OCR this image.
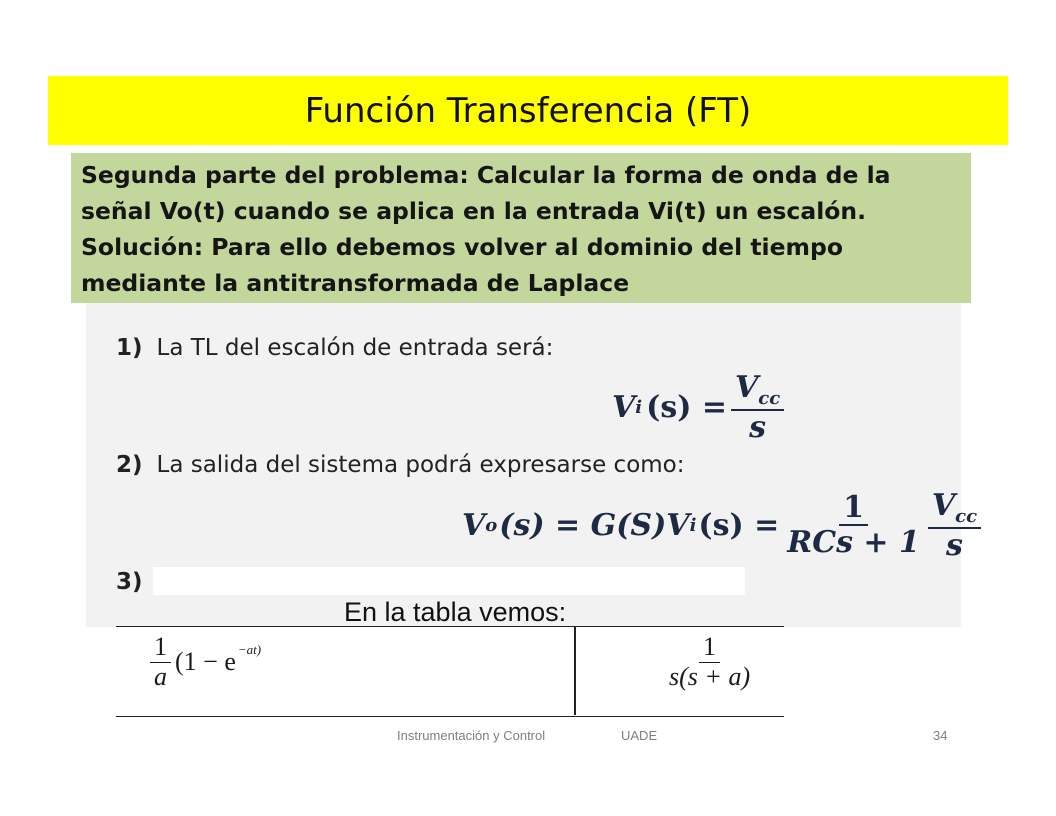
Función Transferencia (FT)

Segunda parte del problema: Calcular la forma de onda de la

señal Vo(t) cuando se aplica en la entrada Vi(t) un escalón.

Solución: Para ello debemos volver al dominio del tiempo

mediante la antitransformada de Laplace

1) La TL del escalón de entrada será:
V i $(s) = \frac{V_{cc}}{s}$
2) La salida del sistema podrá expresarse como:
V o (s) = G(S)V i $(s) = \frac{1}{\text{RCs + 1}} \frac{V_{cc}}{s}$
3)
En la tabla vemos:
$\frac{1}{a} (1 - e -at)$	$\frac{1}{s(s + a)}$
Instrumentación y Control	UADE	34
